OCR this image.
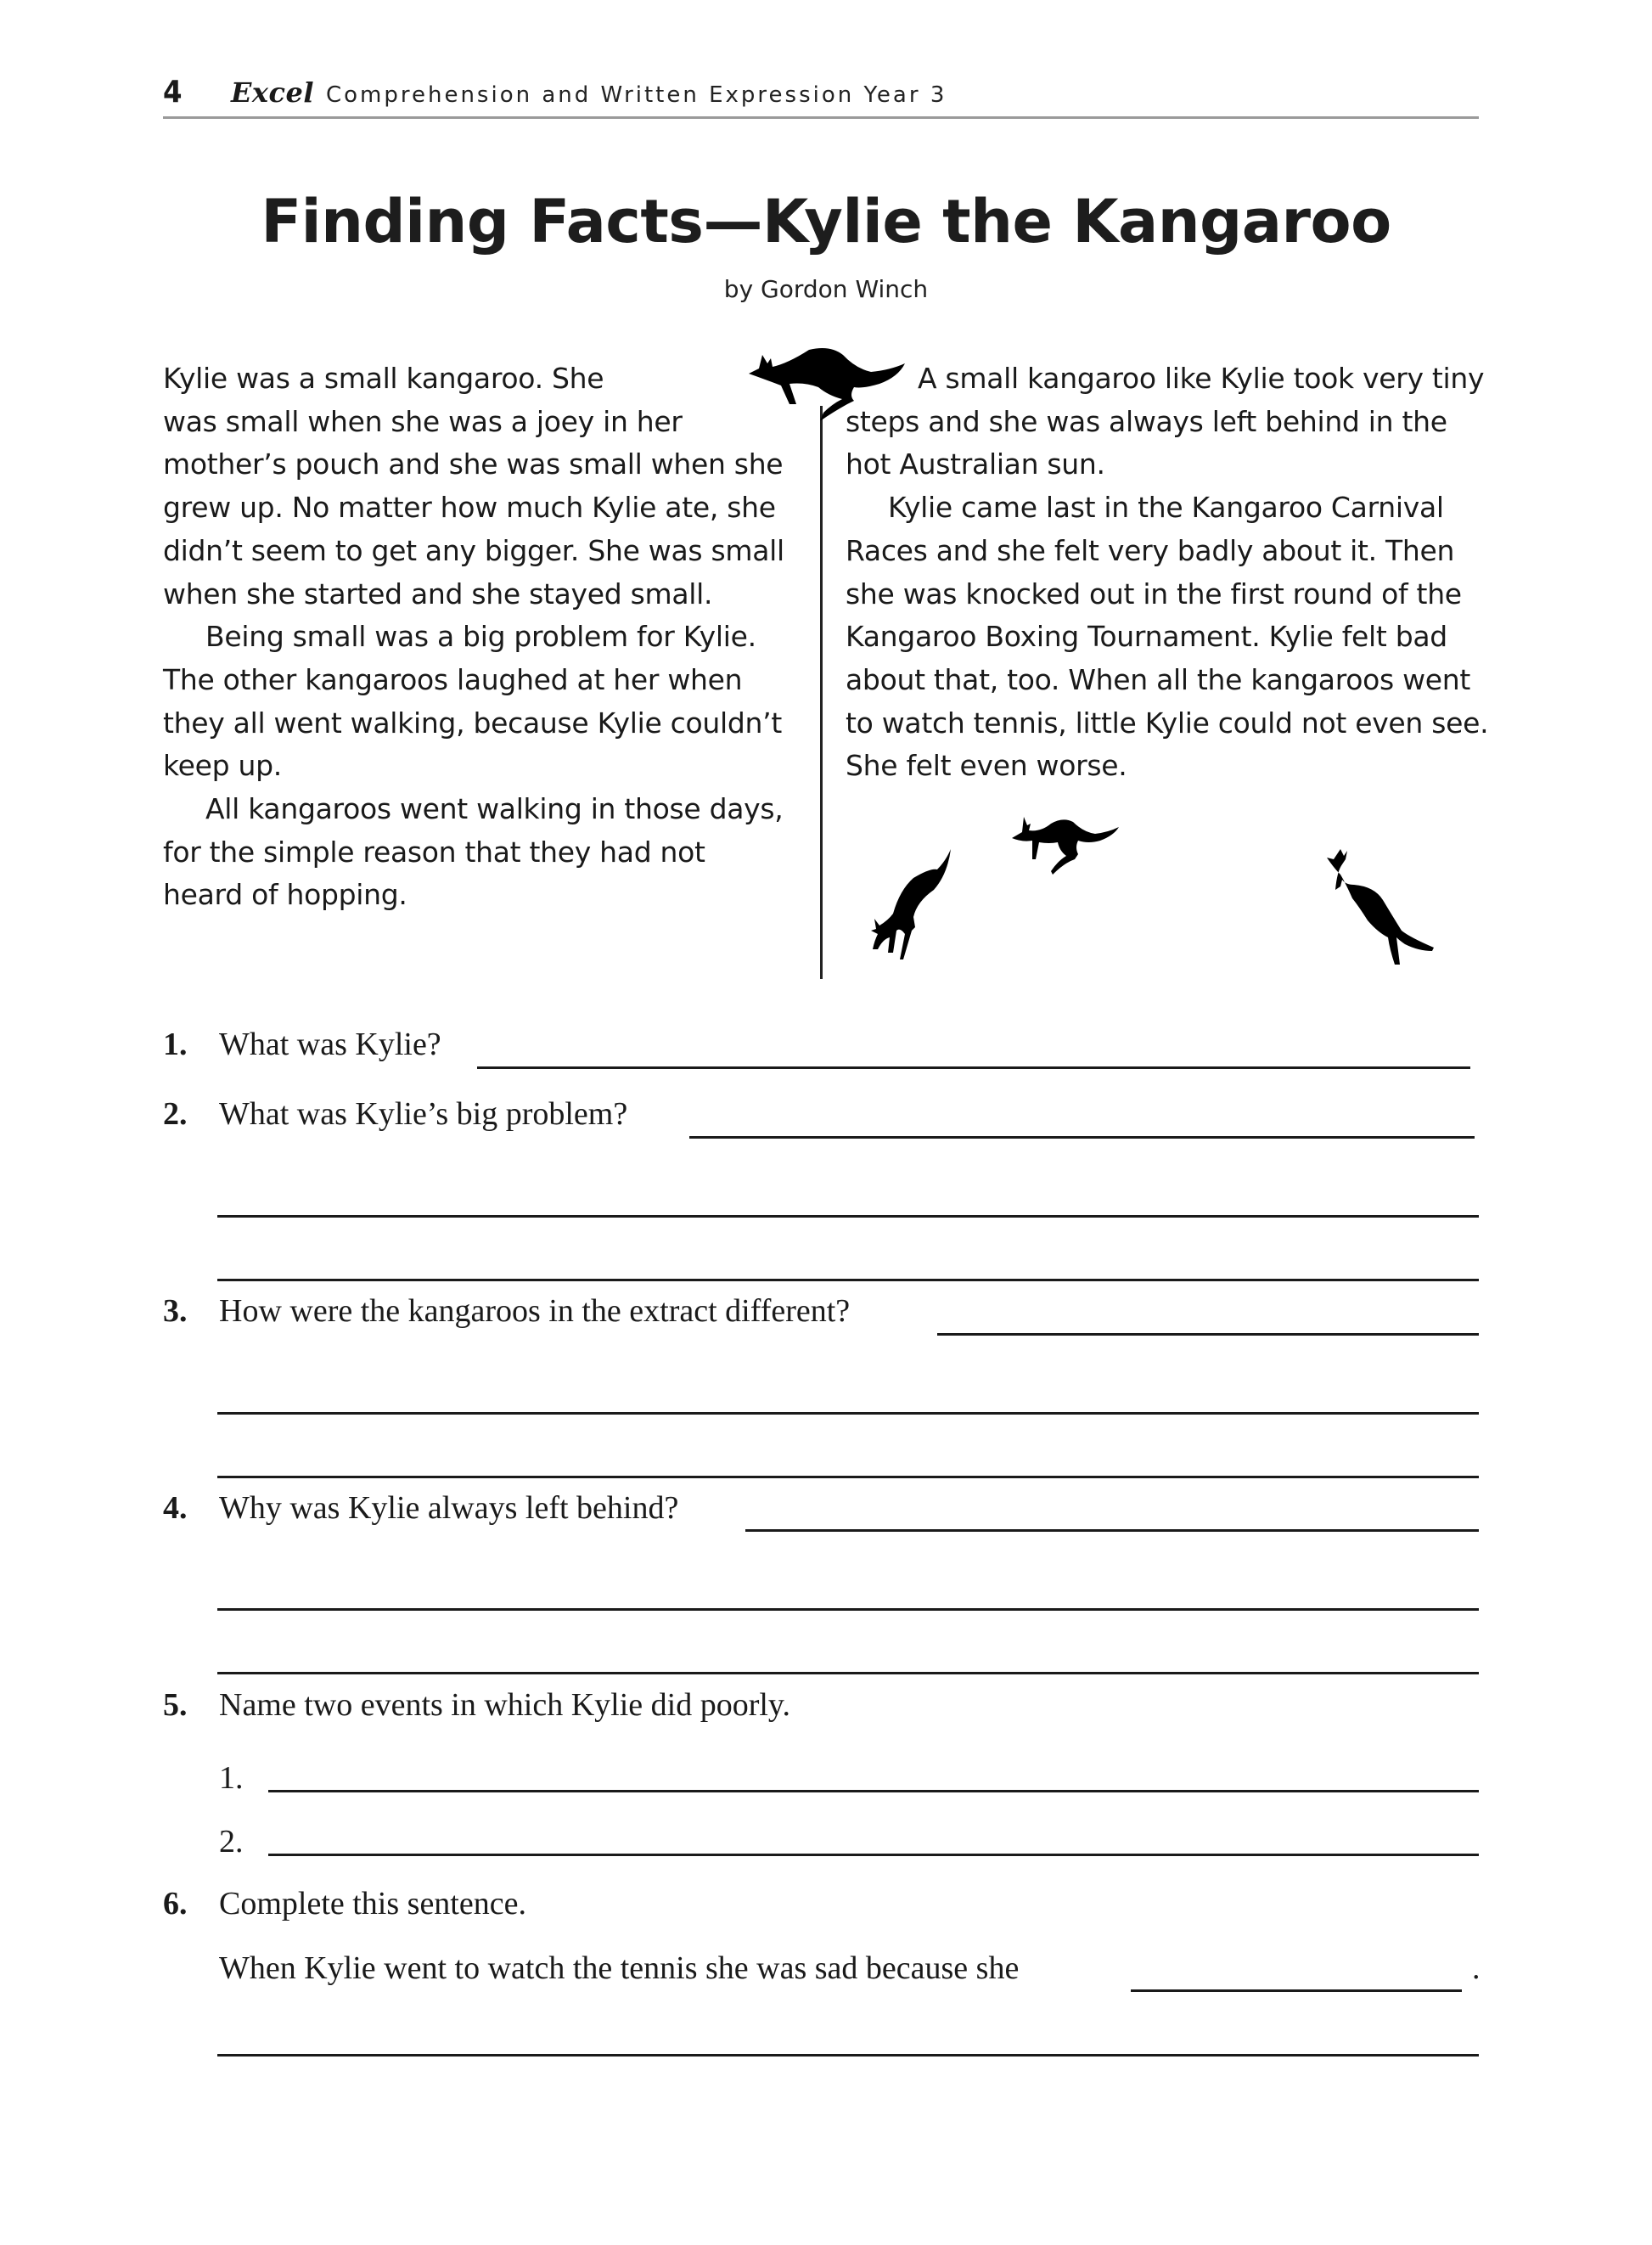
4	Excel Comprehension and Written Expression Year 3
Finding Facts—Kylie the Kangaroo
by Gordon Winch

Kylie was a small kangaroo. She was small when she was a joey in her mother’s pouch and she was small when she grew up. No matter how much Kylie ate, she didn’t seem to get any bigger. She was small when she started and she stayed small.

Being small was a big problem for Kylie. The other kangaroos laughed at her when they all went walking, because Kylie couldn’t keep up.

All kangaroos went walking in those days, for the simple reason that they had not heard of hopping.

A small kangaroo like Kylie took very tiny steps and she was always left behind in the hot Australian sun.

Kylie came last in the Kangaroo Carnival Races and she felt very badly about it. Then she was knocked out in the first round of the Kangaroo Boxing Tournament. Kylie felt bad about that, too. When all the kangaroos went to watch tennis, little Kylie could not even see. She felt even worse.

1. What was Kylie?
2. What was Kylie’s big problem?
3. How were the kangaroos in the extract different?
4. Why was Kylie always left behind?
5. Name two events in which Kylie did poorly.
1.
2.
6. Complete this sentence.
When Kylie went to watch the tennis she was sad because she	.
